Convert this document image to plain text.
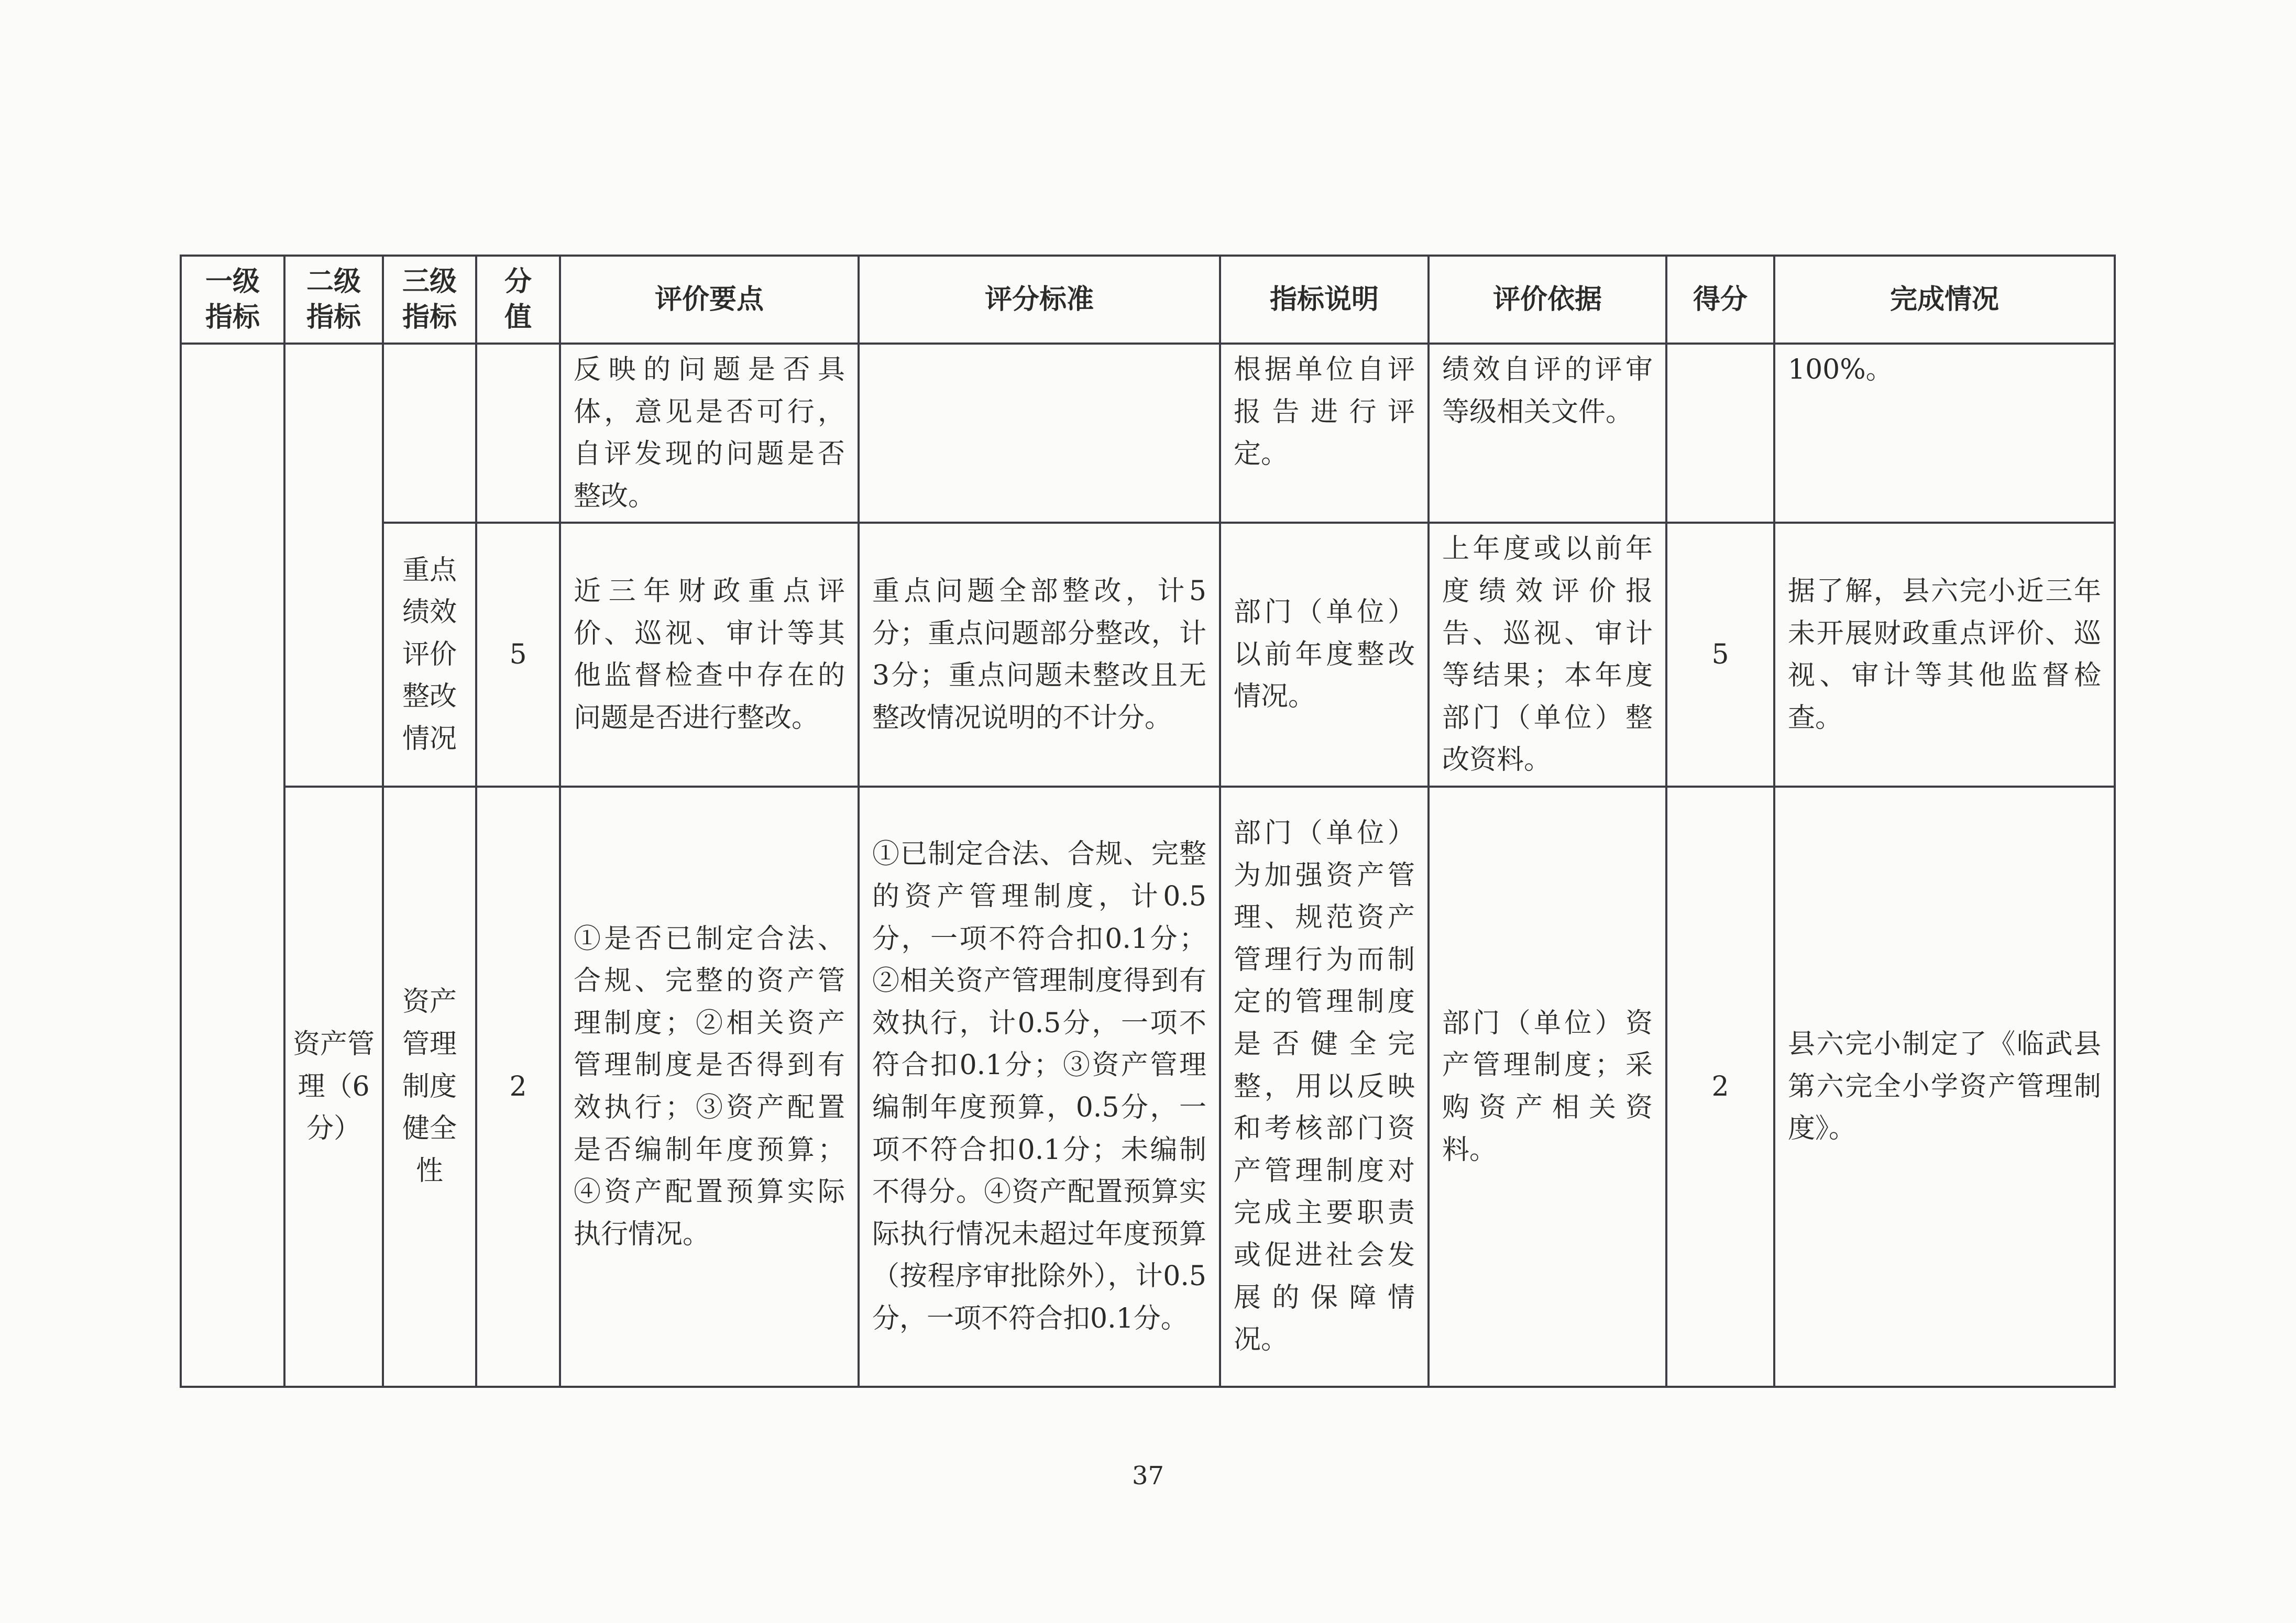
一级指标	二级指标	三级指标	分值	评价要点	评分标准	指标说明	评价依据	得分	完成情况
				反映的问题是否具体，意见是否可行，自评发现的问题是否整改。		根据单位自评报告进行评定。	绩效自评的评审等级相关文件。		100%。
		重点绩效评价整改情况	5	近三年财政重点评价、巡视、审计等其他监督检查中存在的问题是否进行整改。	重点问题全部整改，计5分；重点问题部分整改，计3分；重点问题未整改且无整改情况说明的不计分。	部门（单位）以前年度整改情况。	上年度或以前年度绩效评价报告、巡视、审计等结果；本年度部门（单位）整改资料。	5	据了解，县六完小近三年未开展财政重点评价、巡视、审计等其他监督检查。
	资产管理（6分）	资产管理制度健全性	2	①是否已制定合法、合规、完整的资产管理制度；②相关资产管理制度是否得到有效执行；③资产配置是否编制年度预算；④资产配置预算实际执行情况。	①已制定合法、合规、完整的资产管理制度，计0.5分，一项不符合扣0.1分；②相关资产管理制度得到有效执行，计0.5分，一项不符合扣0.1分；③资产管理编制年度预算，0.5分，一项不符合扣0.1分；未编制不得分。④资产配置预算实际执行情况未超过年度预算（按程序审批除外），计0.5分，一项不符合扣0.1分。	部门（单位）为加强资产管理、规范资产管理行为而制定的管理制度是否健全完整，用以反映和考核部门资产管理制度对完成主要职责或促进社会发展的保障情况。	部门（单位）资产管理制度；采购资产相关资料。	2	县六完小制定了《临武县第六完全小学资产管理制度》。
37
